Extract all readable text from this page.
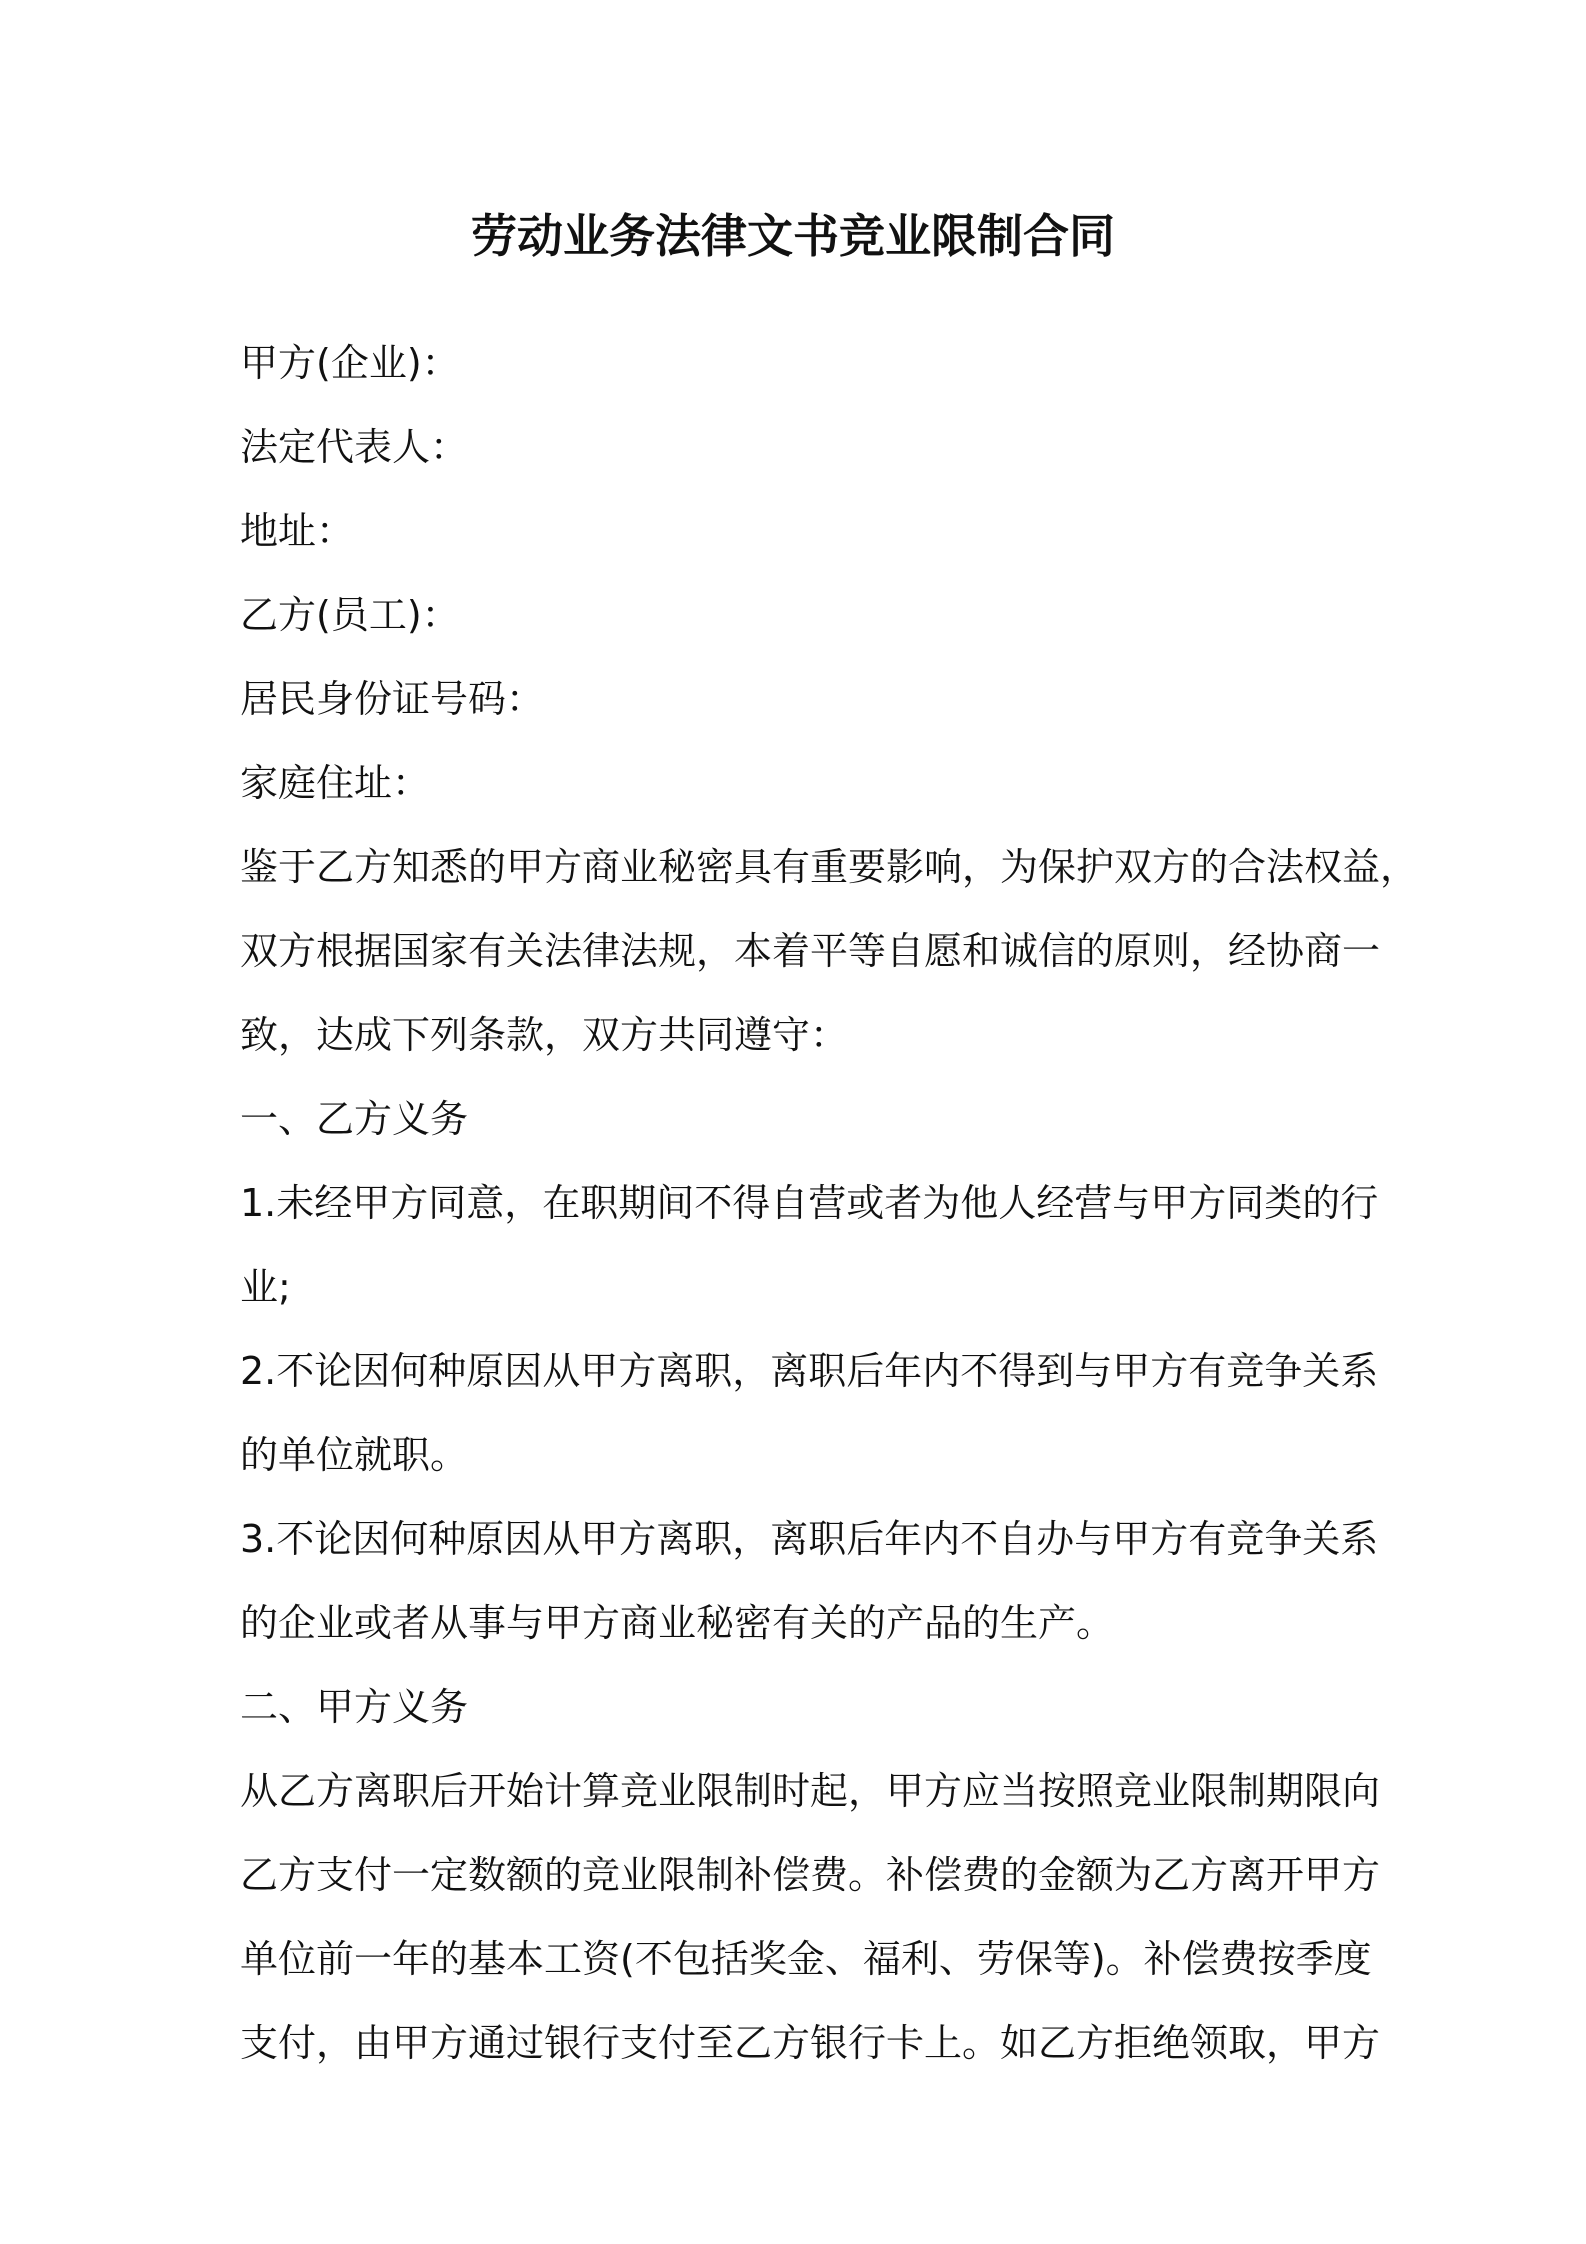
劳动业务法律文书竞业限制合同
甲方(企业)：
法定代表人：
地址：
乙方(员工)：
居民身份证号码：
家庭住址：
鉴于乙方知悉的甲方商业秘密具有重要影响，为保护双方的合法权益，
双方根据国家有关法律法规，本着平等自愿和诚信的原则，经协商一
致，达成下列条款，双方共同遵守：
一、乙方义务
1.未经甲方同意，在职期间不得自营或者为他人经营与甲方同类的行
业;
2.不论因何种原因从甲方离职，离职后年内不得到与甲方有竞争关系
的单位就职。
3.不论因何种原因从甲方离职，离职后年内不自办与甲方有竞争关系
的企业或者从事与甲方商业秘密有关的产品的生产。
二、甲方义务
从乙方离职后开始计算竞业限制时起，甲方应当按照竞业限制期限向
乙方支付一定数额的竞业限制补偿费。补偿费的金额为乙方离开甲方
单位前一年的基本工资(不包括奖金、福利、劳保等)。补偿费按季度
支付，由甲方通过银行支付至乙方银行卡上。如乙方拒绝领取，甲方
